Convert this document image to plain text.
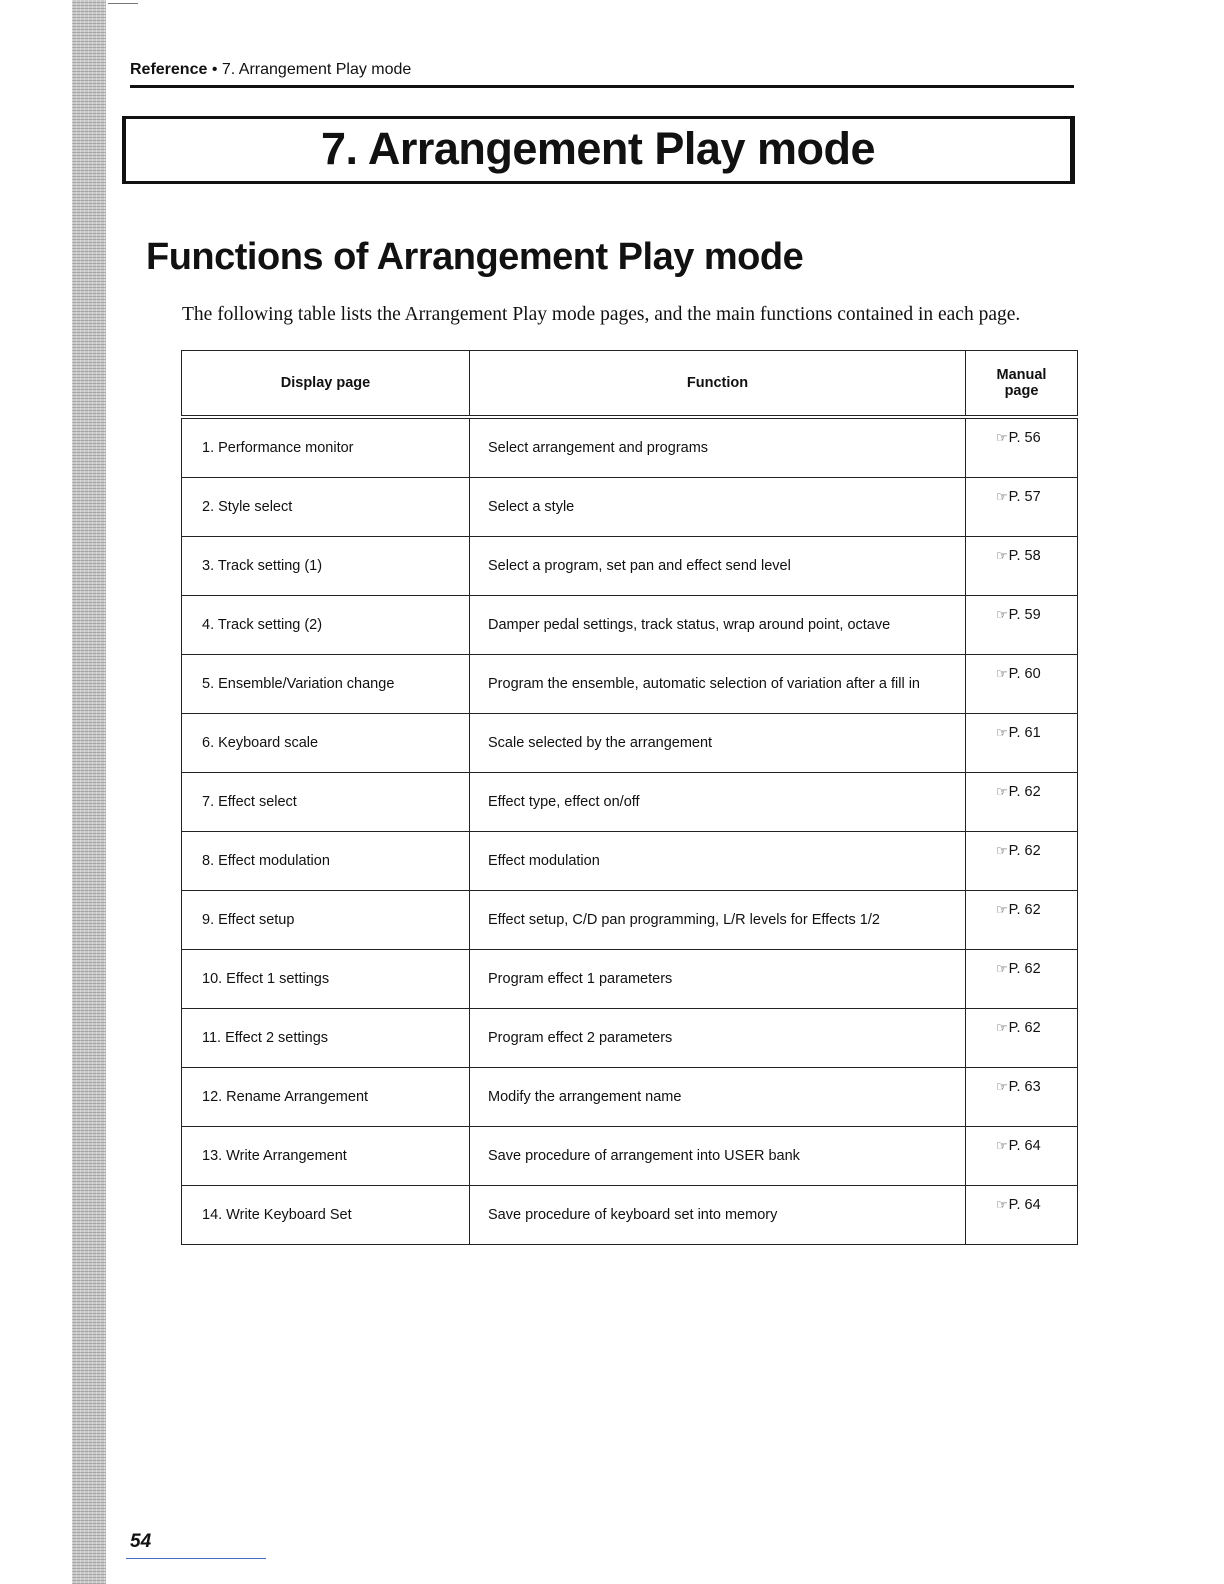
Reference • 7. Arrangement Play mode
7. Arrangement Play mode
Functions of Arrangement Play mode
The following table lists the Arrangement Play mode pages, and the main functions contained in each page.
Display page	Function	Manual page
1. Performance monitor	Select arrangement and programs	☞P. 56
2. Style select	Select a style	☞P. 57
3. Track setting (1)	Select a program, set pan and effect send level	☞P. 58
4. Track setting (2)	Damper pedal settings, track status, wrap around point, octave	☞P. 59
5. Ensemble/Variation change	Program the ensemble, automatic selection of variation after a fill in	☞P. 60
6. Keyboard scale	Scale selected by the arrangement	☞P. 61
7. Effect select	Effect type, effect on/off	☞P. 62
8. Effect modulation	Effect modulation	☞P. 62
9. Effect setup	Effect setup, C/D pan programming, L/R levels for Effects 1/2	☞P. 62
10. Effect 1 settings	Program effect 1 parameters	☞P. 62
11. Effect 2 settings	Program effect 2 parameters	☞P. 62
12. Rename Arrangement	Modify the arrangement name	☞P. 63
13. Write Arrangement	Save procedure of arrangement into USER bank	☞P. 64
14. Write Keyboard Set	Save procedure of keyboard set into memory	☞P. 64
54
